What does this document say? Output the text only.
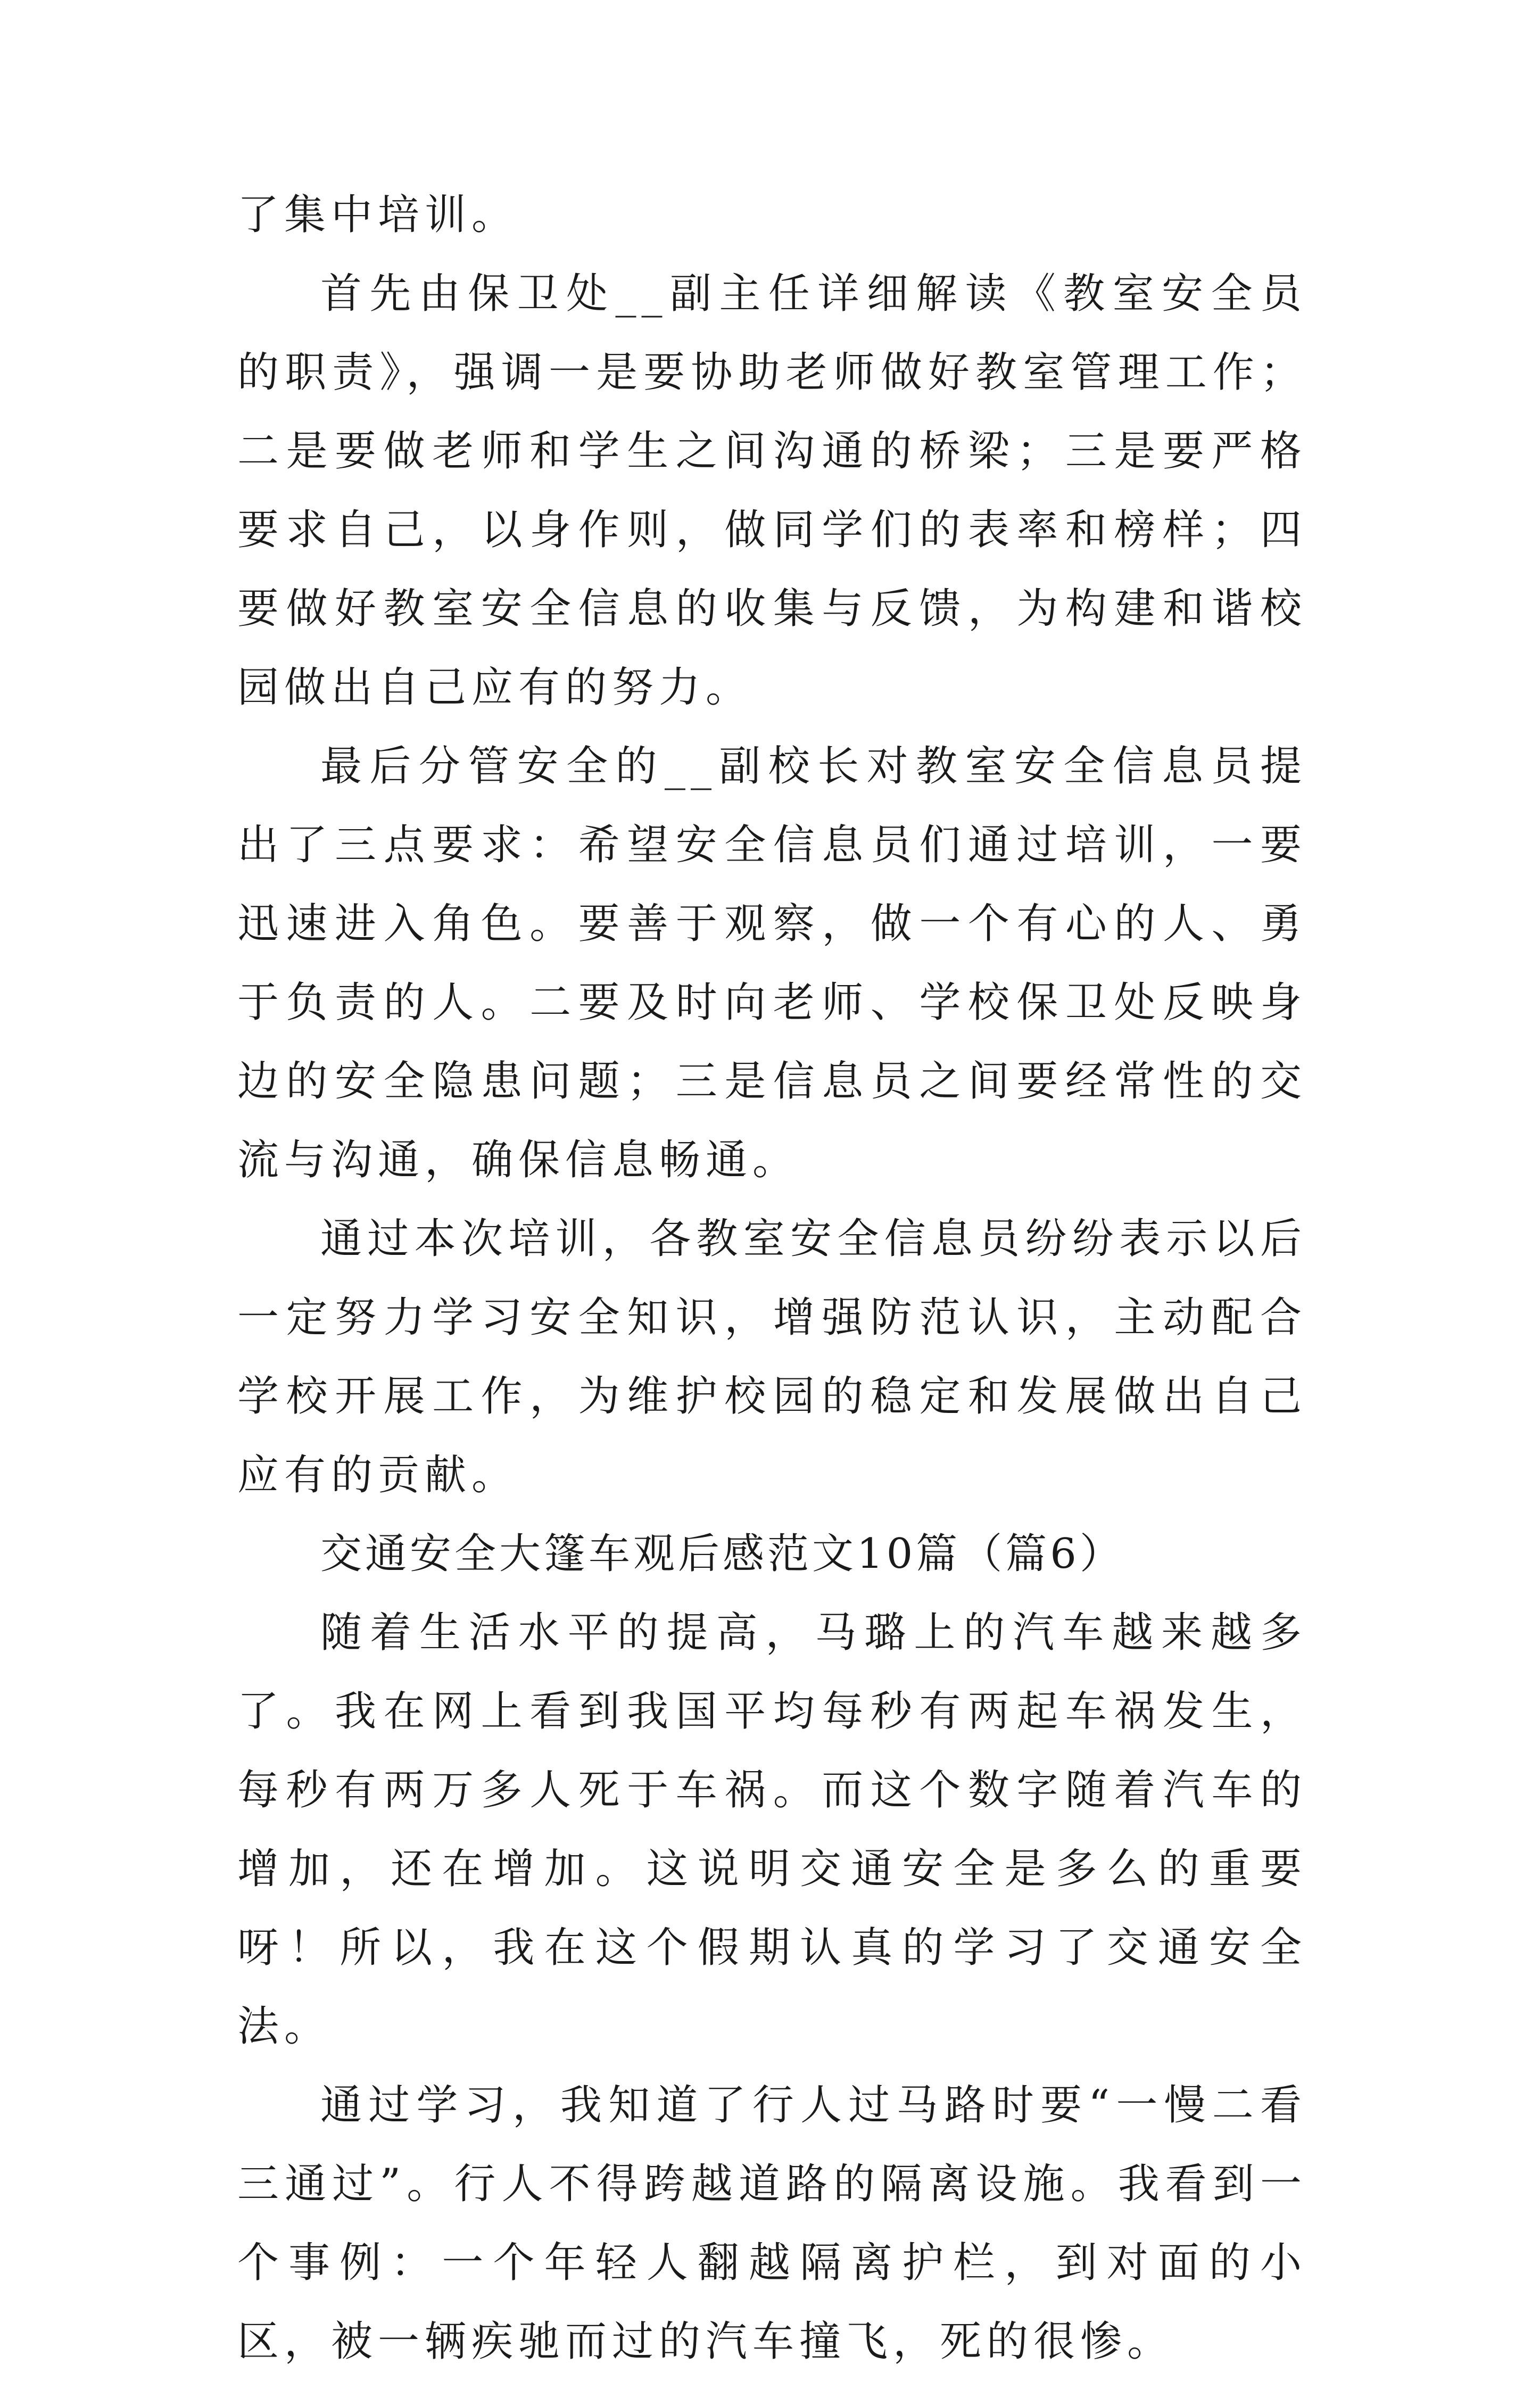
了集中培训。

首先由保卫处__副主任详细解读《教室安全员的职责》，强调一是要协助老师做好教室管理工作；二是要做老师和学生之间沟通的桥梁；三是要严格要求自己，以身作则，做同学们的表率和榜样；四要做好教室安全信息的收集与反馈，为构建和谐校园做出自己应有的努力。

最后分管安全的__副校长对教室安全信息员提出了三点要求：希望安全信息员们通过培训，一要迅速进入角色。要善于观察，做一个有心的人、勇于负责的人。二要及时向老师、学校保卫处反映身边的安全隐患问题；三是信息员之间要经常性的交流与沟通，确保信息畅通。

通过本次培训，各教室安全信息员纷纷表示以后一定努力学习安全知识，增强防范认识，主动配合学校开展工作，为维护校园的稳定和发展做出自己应有的贡献。

交通安全大篷车观后感范文10篇（篇6）

随着生活水平的提高，马璐上的汽车越来越多了。我在网上看到我国平均每秒有两起车祸发生，每秒有两万多人死于车祸。而这个数字随着汽车的增加，还在增加。这说明交通安全是多么的重要呀！所以，我在这个假期认真的学习了交通安全法。

通过学习，我知道了行人过马路时要“一慢二看三通过”。行人不得跨越道路的隔离设施。我看到一个事例：一个年轻人翻越隔离护栏，到对面的小区，被一辆疾驰而过的汽车撞飞，死的很惨。
